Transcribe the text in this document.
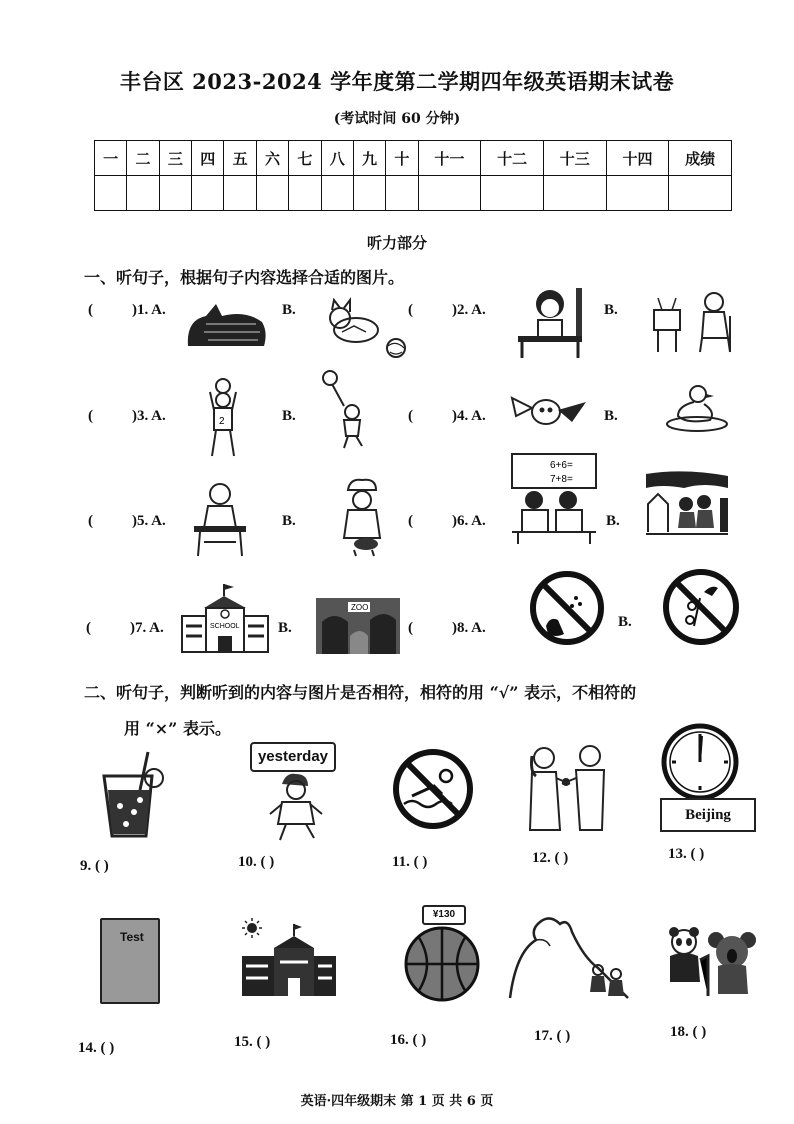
丰台区 2023-2024 学年度第二学期四年级英语期末试卷
(考试时间 60 分钟)
一	二	三	四	五	六	七	八	九	十	十一	十二	十三	十四	成绩

听力部分
一、听句子，根据句子内容选择合适的图片。
(	)1. A.	B.	(	)2. A.	B.
(	)3. A.	2	B.	(	)4. A.	B.
(	)5. A.	B.	(	)6. A.
6+6=
7+8=
B.
(	)7. A.	SCHOOL	B.
ZOO
(	)8. A.	B.
二、听句子，判断听到的内容与图片是否相符，相符的用 “√” 表示，不相符的
用 “×” 表示。
yesterday
Beijing
9. ( )	10. ( )	11. ( )	12. ( )	13. ( )
Test
¥130
14. ( )	15. ( )	16. ( )	17. ( )	18. ( )
英语·四年级期末 第 1 页 共 6 页
